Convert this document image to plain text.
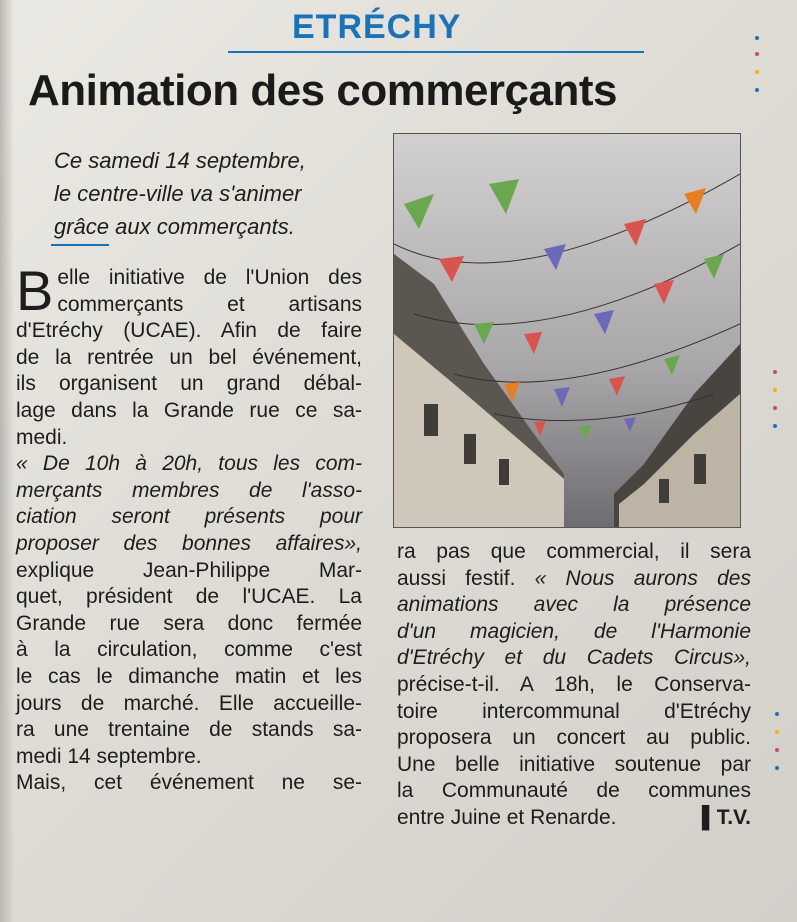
ETRÉCHY
Animation des commerçants
Ce samedi 14 septembre,
le centre-ville va s'animer
grâce aux commerçants.
B elle initiative de l'Union des
commerçants et artisans
d'Etréchy (UCAE). Afin de faire
de la rentrée un bel événement,
ils organisent un grand débal-
lage dans la Grande rue ce sa-
medi.
« De 10h à 20h, tous les com-
merçants membres de l'asso-
ciation seront présents pour
proposer des bonnes affaires»,
explique Jean-Philippe Mar-
quet, président de l'UCAE. La
Grande rue sera donc fermée
à la circulation, comme c'est
le cas le dimanche matin et les
jours de marché. Elle accueille-
ra une trentaine de stands sa-
medi 14 septembre.
Mais, cet événement ne se-
ra pas que commercial, il sera
aussi festif. « Nous aurons des
animations avec la présence
d'un magicien, de l'Harmonie
d'Etréchy et du Cadets Circus»,
précise-t-il. A 18h, le Conserva-
toire intercommunal d'Etréchy
proposera un concert au public.
Une belle initiative soutenue par
la Communauté de communes
entre Juine et Renarde.	▌T.V.
